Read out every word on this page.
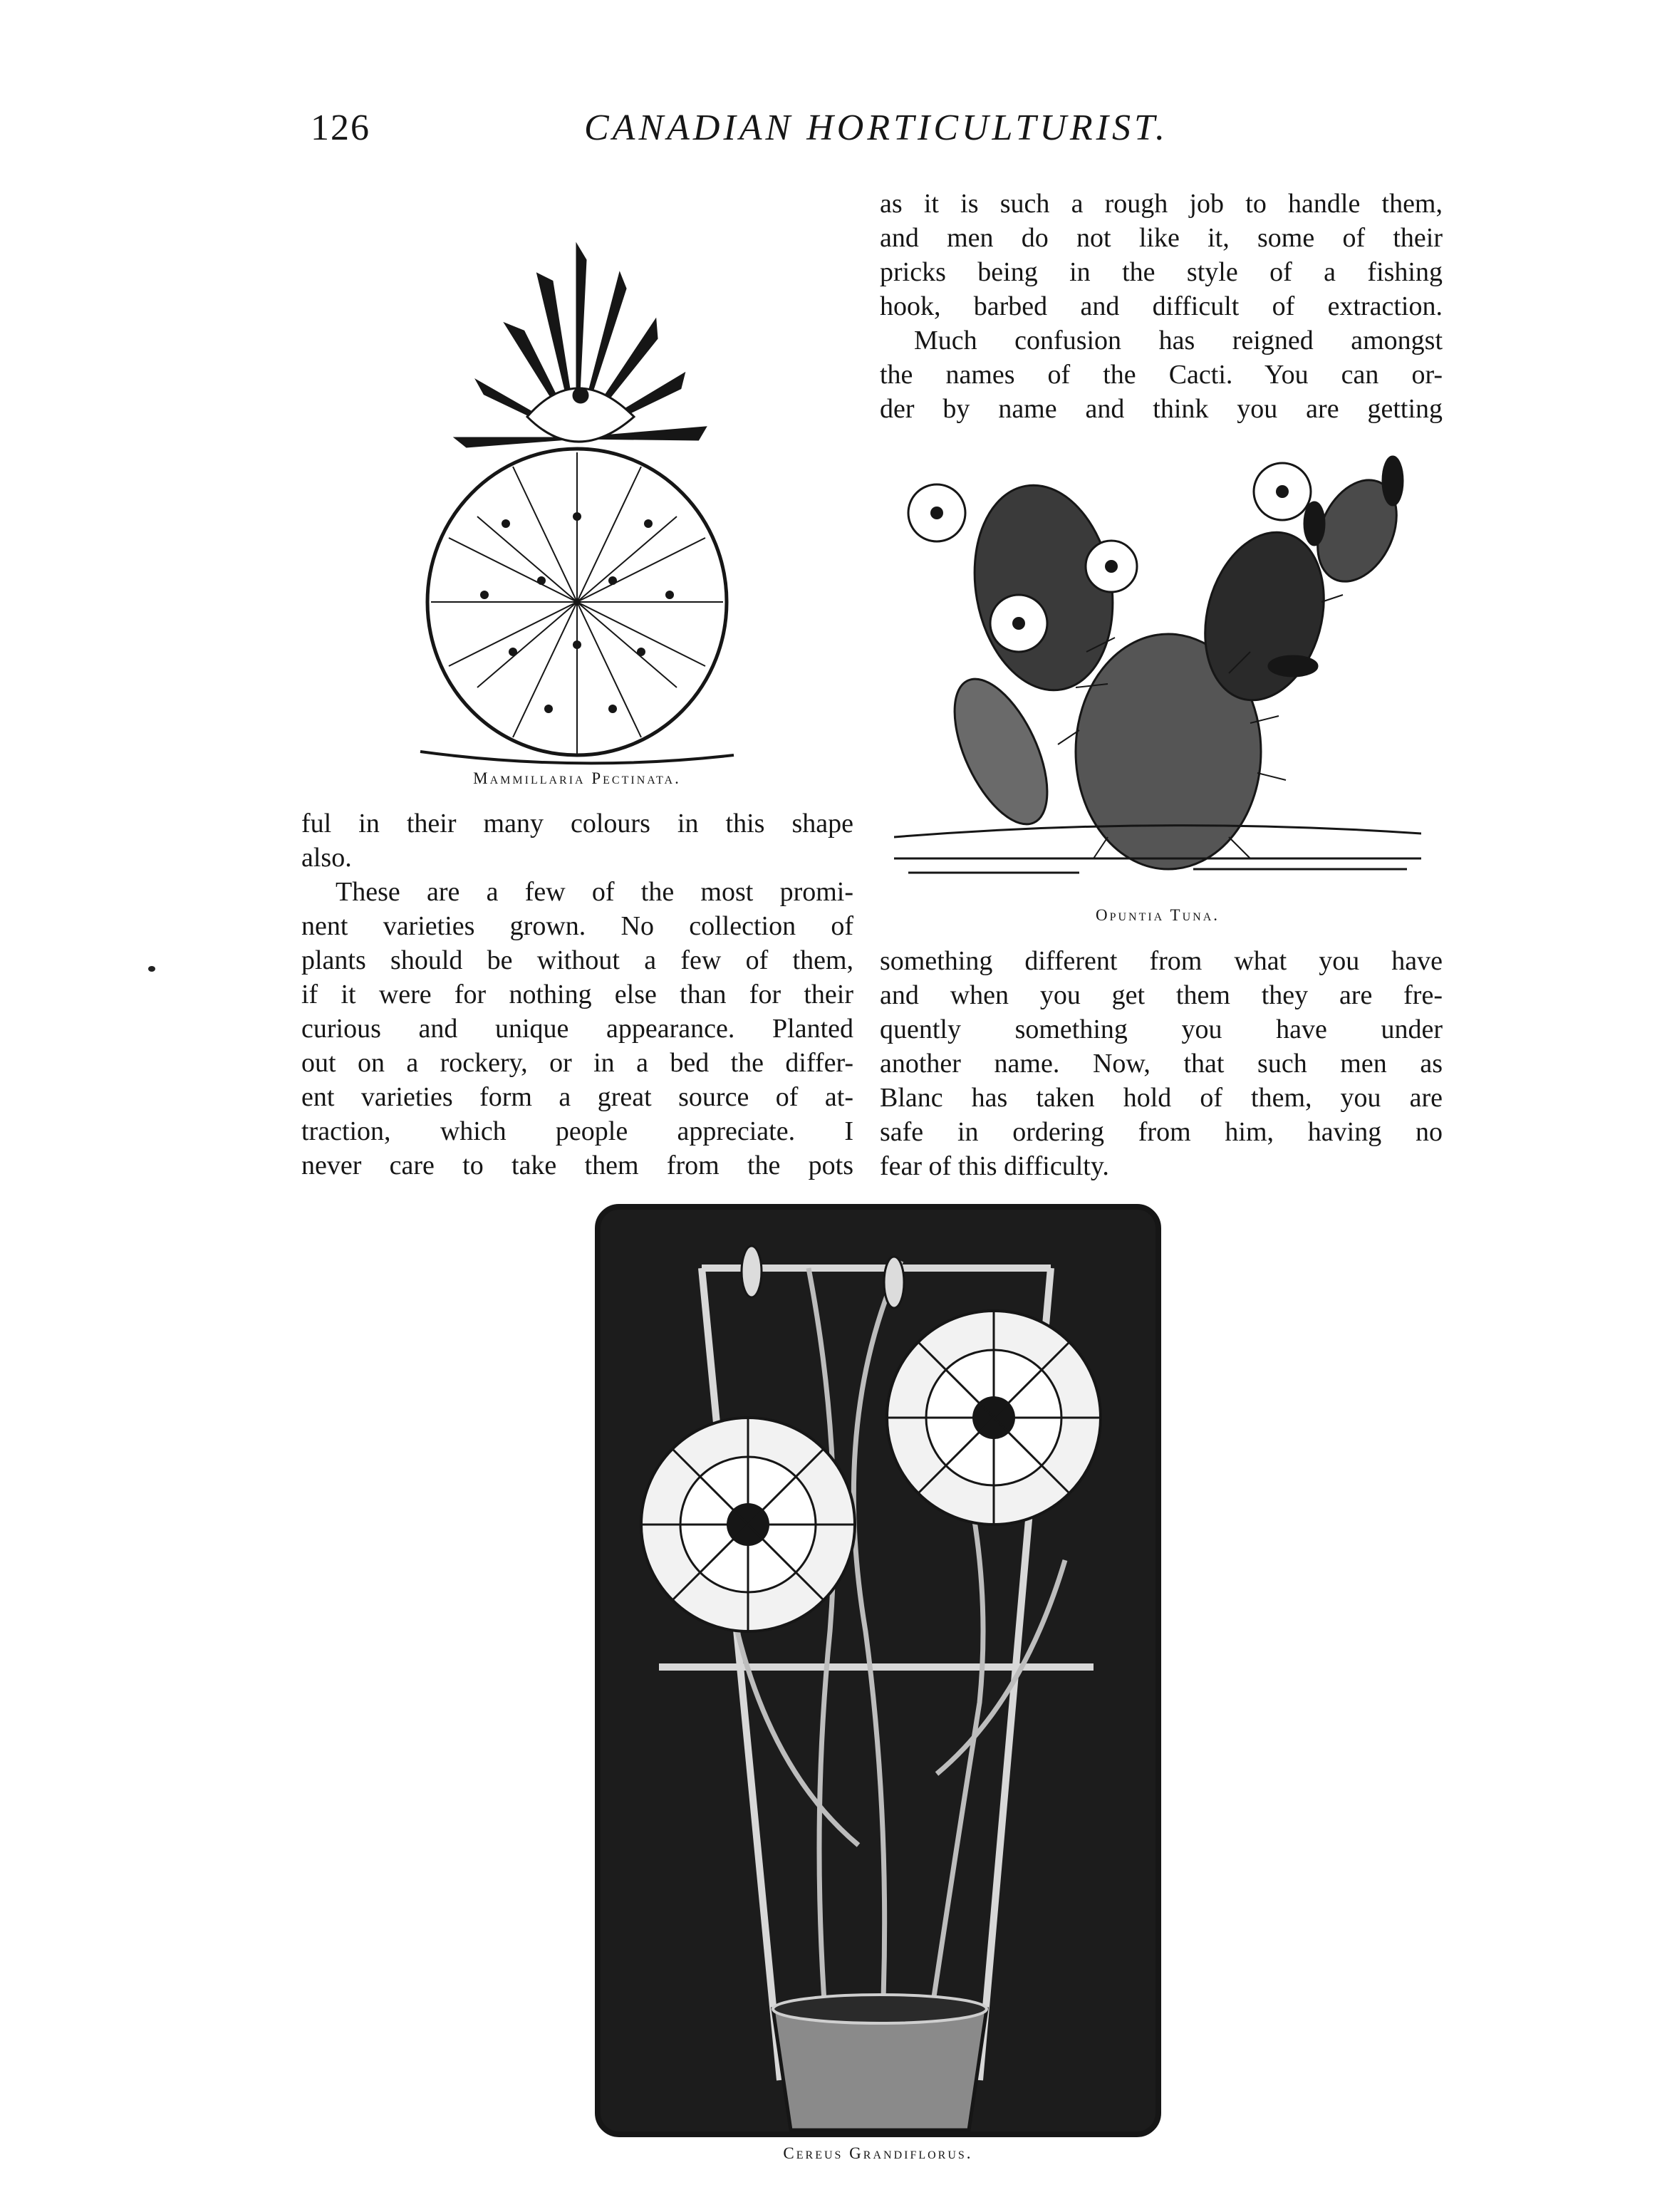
126	CANADIAN HORTICULTURIST.
as it is such a rough job to handle them,
and men do not like it, some of their
pricks being in the style of a fishing
hook, barbed and difficult of extraction.
Much confusion has reigned amongst
the names of the Cacti. You can or-
der by name and think you are getting
Mammillaria Pectinata.
ful in their many colours in this shape
also.
These are a few of the most promi-
nent varieties grown. No collection of
plants should be without a few of them,
if it were for nothing else than for their
curious and unique appearance. Planted
out on a rockery, or in a bed the differ-
ent varieties form a great source of at-
traction, which people appreciate. I
never care to take them from the pots
Opuntia Tuna.
something different from what you have
and when you get them they are fre-
quently something you have under
another name. Now, that such men as
Blanc has taken hold of them, you are
safe in ordering from him, having no
fear of this difficulty.
Cereus Grandiflorus.
